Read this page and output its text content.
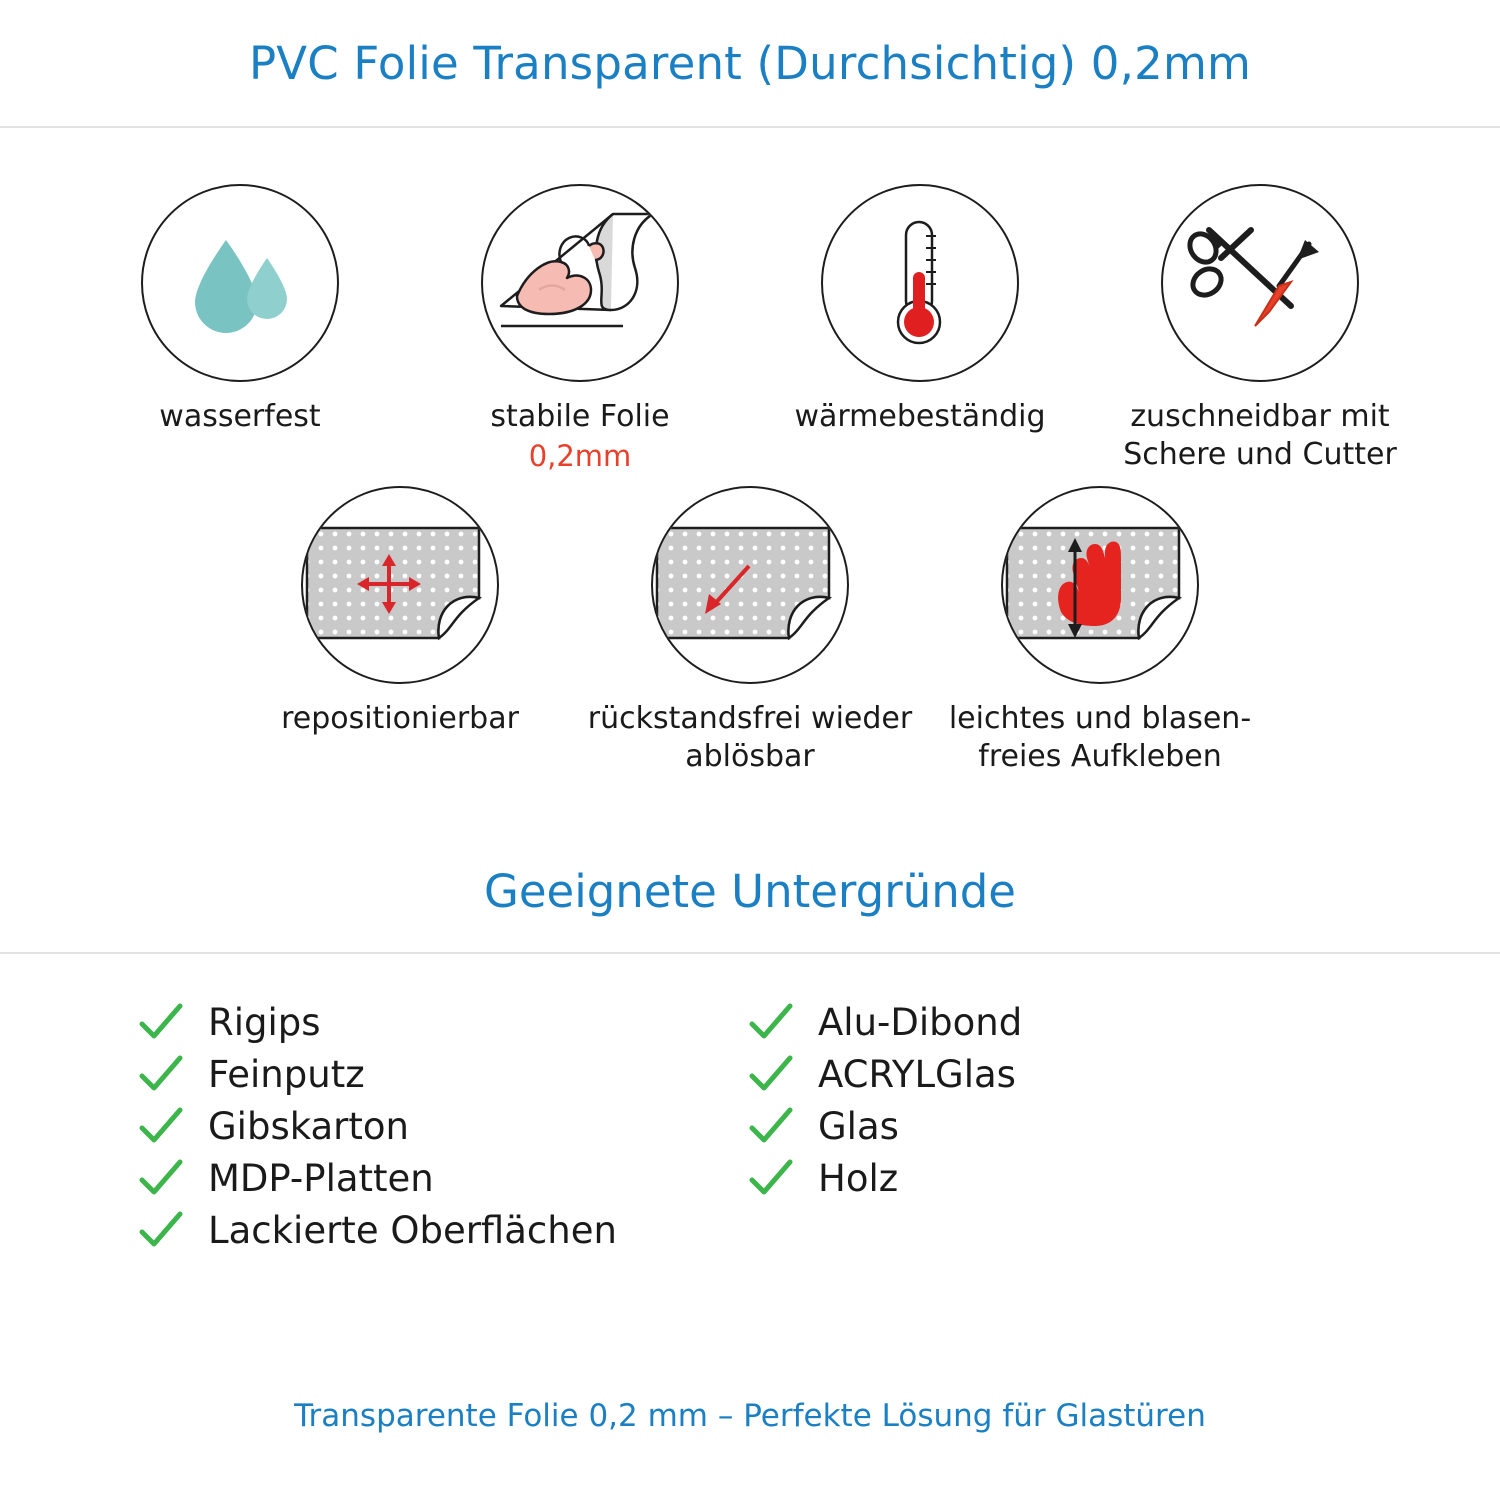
PVC Folie Transparent (Durchsichtig) 0,2mm
wasserfest	stabile Folie
0,2mm
wärmebeständig	zuschneidbar mit Schere und Cutter
repositionierbar rückstandsfrei wieder ablösbar
leichtes und blasen-freies Aufkleben
Geeignete Untergründe
Rigips
Feinputz
Gibskarton
MDP-Platten
Lackierte Oberflächen
Alu-Dibond
ACRYLGlas
Glas
Holz
Transparente Folie 0,2 mm – Perfekte Lösung für Glastüren
